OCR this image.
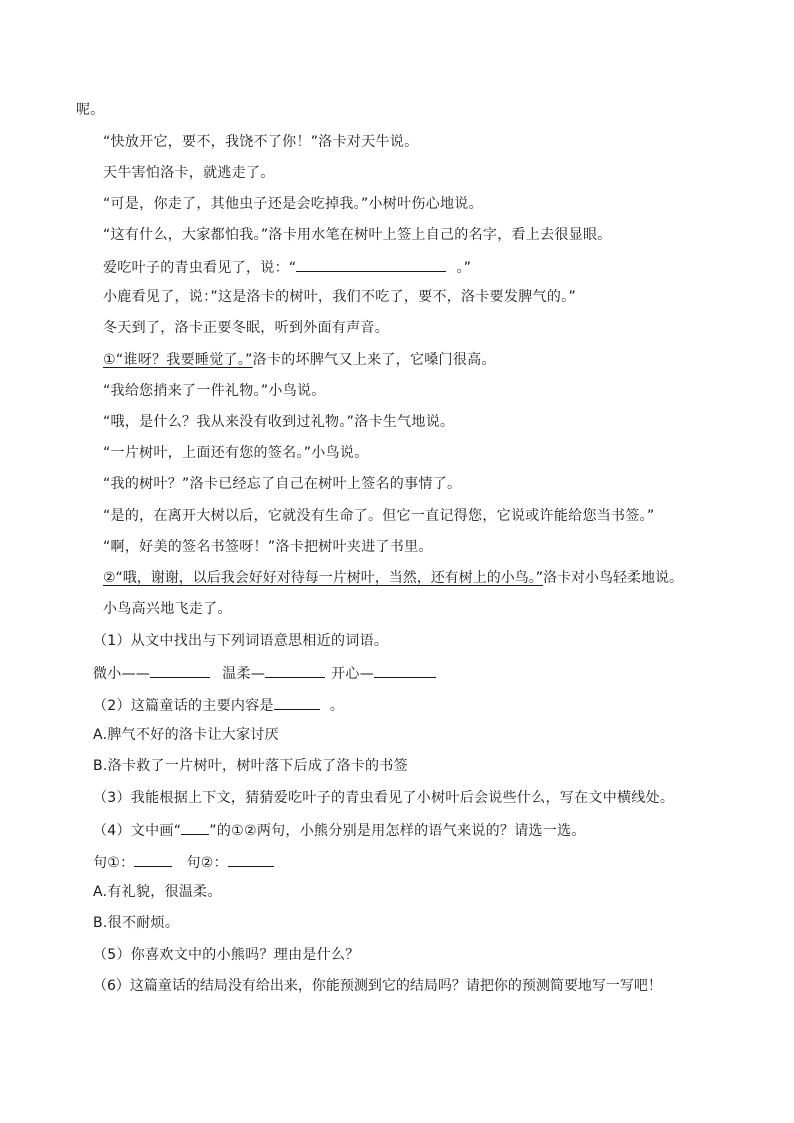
呢。
“快放开它，要不，我饶不了你！”洛卡对天牛说。
天牛害怕洛卡，就逃走了。
“可是，你走了，其他虫子还是会吃掉我。”小树叶伤心地说。
“这有什么，大家都怕我。”洛卡用水笔在树叶上签上自己的名字，看上去很显眼。
爱吃叶子的青虫看见了，说：“	。”
小鹿看见了，说：”这是洛卡的树叶，我们不吃了，要不，洛卡要发脾气的。”
冬天到了，洛卡正要冬眠，听到外面有声音。
①“谁呀？我要睡觉了。”洛卡的坏脾气又上来了，它嗓门很高。
“我给您捎来了一件礼物。”小鸟说。
“哦，是什么？我从来没有收到过礼物。”洛卡生气地说。
“一片树叶，上面还有您的签名。”小鸟说。
“我的树叶？”洛卡已经忘了自己在树叶上签名的事情了。
“是的，在离开大树以后，它就没有生命了。但它一直记得您，它说或许能给您当书签。”
“啊，好美的签名书签呀！”洛卡把树叶夹进了书里。
②“哦，谢谢，以后我会好好对待每一片树叶，当然，还有树上的小鸟。”洛卡对小鸟轻柔地说。
小鸟高兴地飞走了。
（1）从文中找出与下列词语意思相近的词语。
微小——	温柔—	开心—
（2）这篇童话的主要内容是	。
A.脾气不好的洛卡让大家讨厌
B.洛卡救了一片树叶，树叶落下后成了洛卡的书签
（3）我能根据上下文，猜猜爱吃叶子的青虫看见了小树叶后会说些什么，写在文中横线处。
（4）文中画“ ”的①②两句，小熊分别是用怎样的语气来说的？请选一选。
句①：	句②：
A.有礼貌，很温柔。
B.很不耐烦。
（5）你喜欢文中的小熊吗？理由是什么？
（6）这篇童话的结局没有给出来，你能预测到它的结局吗？请把你的预测简要地写一写吧！
